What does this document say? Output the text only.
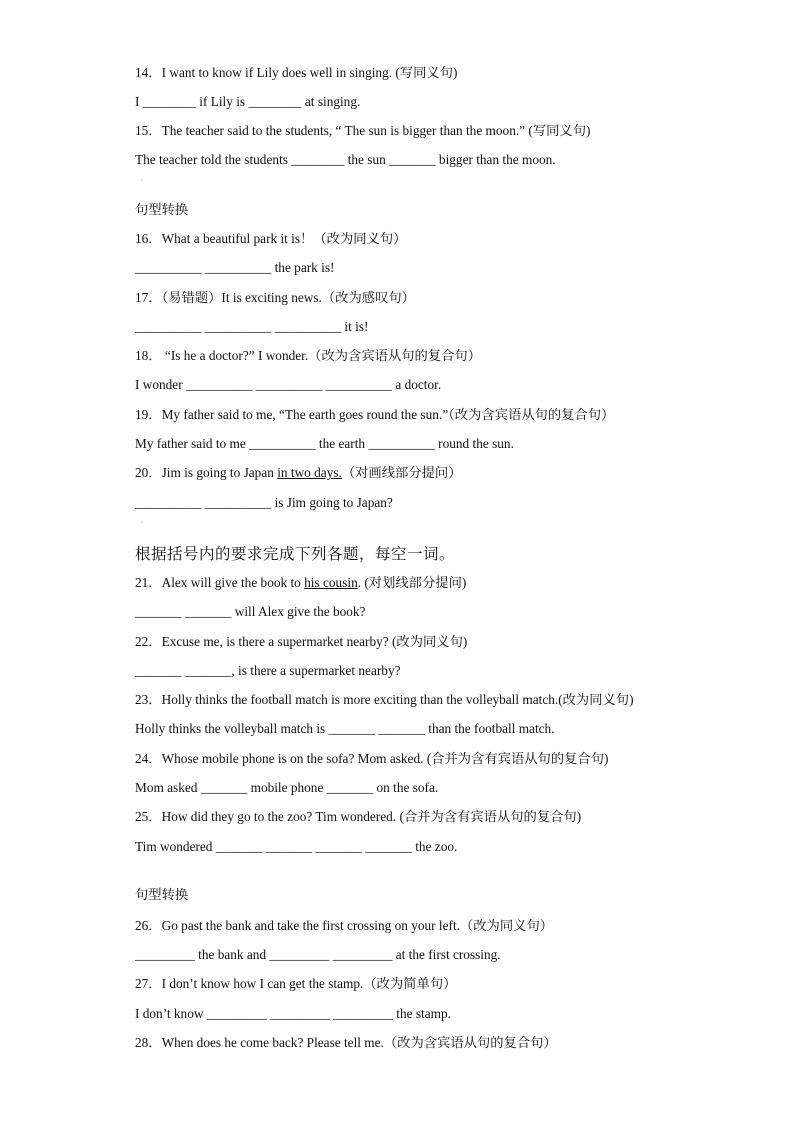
·
·
句型转换
根据括号内的要求完成下列各题，每空一词。
句型转换
14．I want to know if Lily does well in singing. (写同义句)
I ________ if Lily is ________ at singing.
15．The teacher said to the students, “ The sun is bigger than the moon.” (写同义句)
The teacher told the students ________ the sun _______ bigger than the moon.
16．What a beautiful park it is！（改为同义句）
__________ __________ the park is!
17．（易错题）It is exciting news.（改为感叹句）
__________ __________ __________ it is!
18． “Is he a doctor?” I wonder.（改为含宾语从句的复合句）
I wonder __________ __________ __________ a doctor.
19．My father said to me, “The earth goes round the sun.”（改为含宾语从句的复合句）
My father said to me __________ the earth __________ round the sun.
20．Jim is going to Japan in two days.（对画线部分提问）
__________ __________ is Jim going to Japan?
21．Alex will give the book to his cousin. (对划线部分提问)
_______ _______ will Alex give the book?
22．Excuse me, is there a supermarket nearby? (改为同义句)
_______ _______, is there a supermarket nearby?
23．Holly thinks the football match is more exciting than the volleyball match.(改为同义句)
Holly thinks the volleyball match is _______ _______ than the football match.
24．Whose mobile phone is on the sofa? Mom asked. (合并为含有宾语从句的复合句)
Mom asked _______ mobile phone _______ on the sofa.
25．How did they go to the zoo? Tim wondered. (合并为含有宾语从句的复合句)
Tim wondered _______ _______ _______ _______ the zoo.
26．Go past the bank and take the first crossing on your left.（改为同义句）
_________ the bank and _________ _________ at the first crossing.
27．I don’t know how I can get the stamp.（改为简单句）
I don’t know _________ _________ _________ the stamp.
28．When does he come back? Please tell me.（改为含宾语从句的复合句）
